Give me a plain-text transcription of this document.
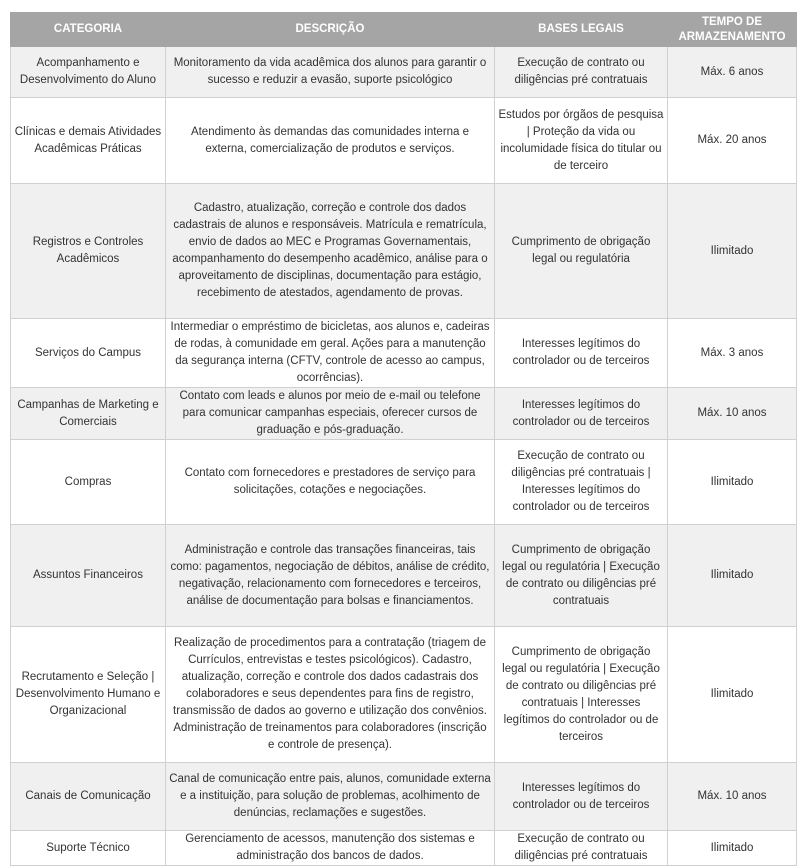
CATEGORIA	DESCRIÇÃO	BASES LEGAIS	TEMPO DE ARMAZENAMENTO
Acompanhamento e Desenvolvimento do Aluno	Monitoramento da vida acadêmica dos alunos para garantir o sucesso e reduzir a evasão, suporte psicológico	Execução de contrato ou diligências pré contratuais	Máx. 6 anos
Clínicas e demais Atividades Acadêmicas Práticas	Atendimento às demandas das comunidades interna e externa, comercialização de produtos e serviços.	Estudos por órgãos de pesquisa | Proteção da vida ou incolumidade física do titular ou de terceiro	Máx. 20 anos
Registros e Controles Acadêmicos	Cadastro, atualização, correção e controle dos dados cadastrais de alunos e responsáveis. Matrícula e rematrícula, envio de dados ao MEC e Programas Governamentais, acompanhamento do desempenho acadêmico, análise para o aproveitamento de disciplinas, documentação para estágio, recebimento de atestados, agendamento de provas.	Cumprimento de obrigação legal ou regulatória	Ilimitado
Serviços do Campus	Intermediar o empréstimo de bicicletas, aos alunos e, cadeiras de rodas, à comunidade em geral. Ações para a manutenção da segurança interna (CFTV, controle de acesso ao campus, ocorrências).	Interesses legítimos do controlador ou de terceiros	Máx. 3 anos
Campanhas de Marketing e Comerciais	Contato com leads e alunos por meio de e-mail ou telefone para comunicar campanhas especiais, oferecer cursos de graduação e pós-graduação.	Interesses legítimos do controlador ou de terceiros	Máx. 10 anos
Compras	Contato com fornecedores e prestadores de serviço para solicitações, cotações e negociações.	Execução de contrato ou diligências pré contratuais | Interesses legítimos do controlador ou de terceiros	Ilimitado
Assuntos Financeiros	Administração e controle das transações financeiras, tais como: pagamentos, negociação de débitos, análise de crédito, negativação, relacionamento com fornecedores e terceiros, análise de documentação para bolsas e financiamentos.	Cumprimento de obrigação legal ou regulatória | Execução de contrato ou diligências pré contratuais	Ilimitado
Recrutamento e Seleção | Desenvolvimento Humano e Organizacional	Realização de procedimentos para a contratação (triagem de Currículos, entrevistas e testes psicológicos). Cadastro, atualização, correção e controle dos dados cadastrais dos colaboradores e seus dependentes para fins de registro, transmissão de dados ao governo e utilização dos convênios. Administração de treinamentos para colaboradores (inscrição e controle de presença).	Cumprimento de obrigação legal ou regulatória | Execução de contrato ou diligências pré contratuais | Interesses legítimos do controlador ou de terceiros	Ilimitado
Canais de Comunicação	Canal de comunicação entre pais, alunos, comunidade externa e a instituição, para solução de problemas, acolhimento de denúncias, reclamações e sugestões.	Interesses legítimos do controlador ou de terceiros	Máx. 10 anos
Suporte Técnico	Gerenciamento de acessos, manutenção dos sistemas e administração dos bancos de dados.	Execução de contrato ou diligências pré contratuais	Ilimitado
